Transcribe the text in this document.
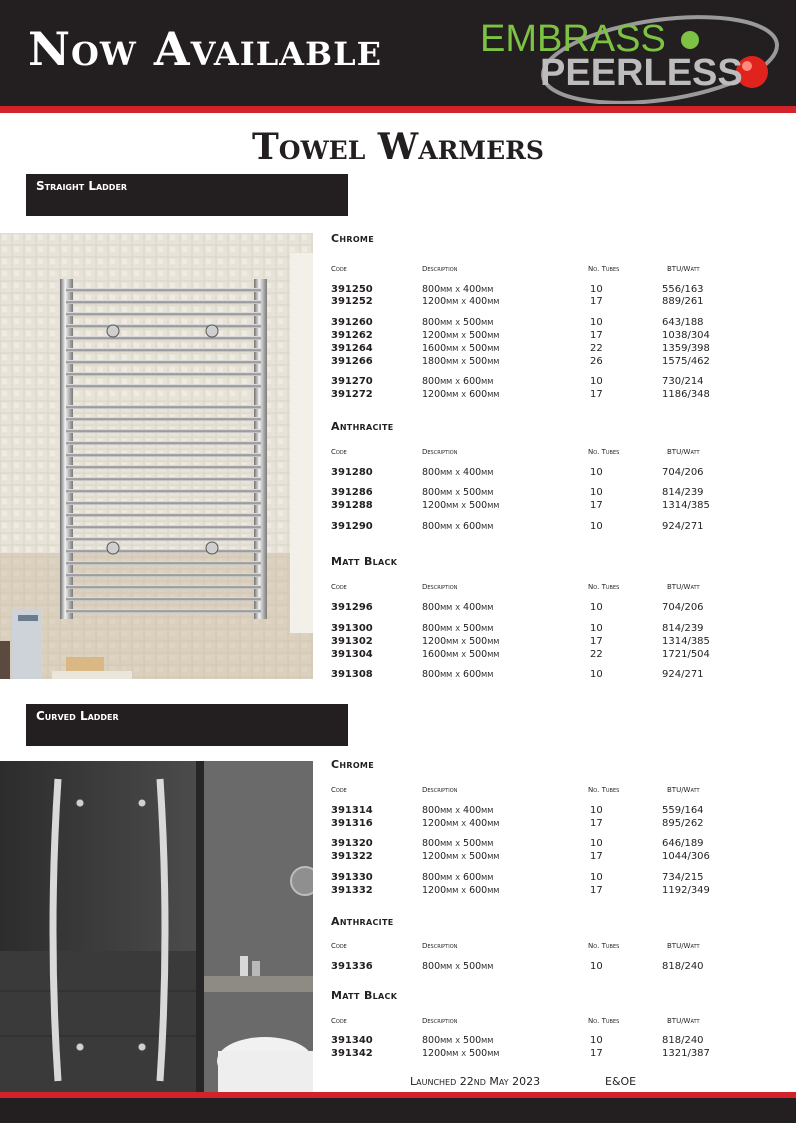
Now Available	EMBRASS
PEERLESS
Towel Warmers
Straight Ladder
Chrome
Code	Description	No. Tubes	BTU/Watt
391250	800mm x 400mm	10	556/163
391252	1200mm x 400mm	17	889/261
391260	800mm x 500mm	10	643/188
391262	1200mm x 500mm	17	1038/304
391264	1600mm x 500mm	22	1359/398
391266	1800mm x 500mm	26	1575/462
391270	800mm x 600mm	10	730/214
391272	1200mm x 600mm	17	1186/348
Anthracite
Code	Description	No. Tubes	BTU/Watt
391280	800mm x 400mm	10	704/206
391286	800mm x 500mm	10	814/239
391288	1200mm x 500mm	17	1314/385
391290	800mm x 600mm	10	924/271
Matt Black
Code	Description	No. Tubes	BTU/Watt
391296	800mm x 400mm	10	704/206
391300	800mm x 500mm	10	814/239
391302	1200mm x 500mm	17	1314/385
391304	1600mm x 500mm	22	1721/504
391308	800mm x 600mm	10	924/271
Curved Ladder
Chrome
Code	Description	No. Tubes	BTU/Watt
391314	800mm x 400mm	10	559/164
391316	1200mm x 400mm	17	895/262
391320	800mm x 500mm	10	646/189
391322	1200mm x 500mm	17	1044/306
391330	800mm x 600mm	10	734/215
391332	1200mm x 600mm	17	1192/349
Anthracite
Code	Description	No. Tubes	BTU/Watt
391336	800mm x 500mm	10	818/240
Matt Black
Code	Description	No. Tubes	BTU/Watt
391340	800mm x 500mm	10	818/240
391342	1200mm x 500mm	17	1321/387
Launched 22nd May 2023	E&OE
